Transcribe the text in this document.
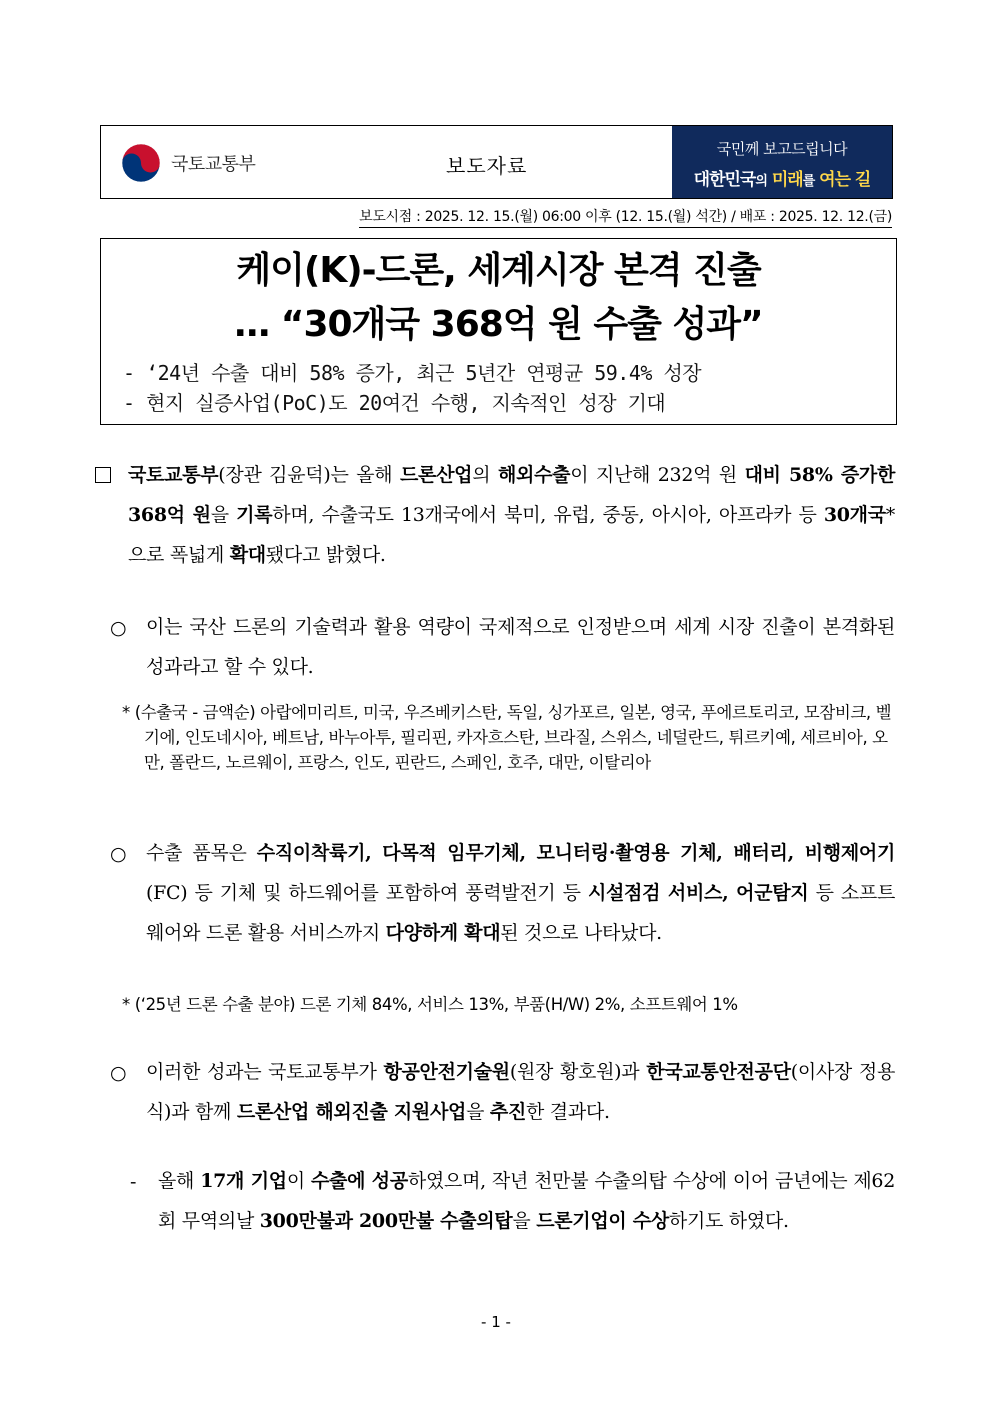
국토교통부	보도자료
국민께 보고드립니다
대한민국의 미래를 여는 길
보도시점 : 2025. 12. 15.(월) 06:00 이후 (12. 15.(월) 석간) / 배포 : 2025. 12. 12.(금)
케이(K)-드론, 세계시장 본격 진출
… “30개국 368억 원 수출 성과”
- ‘24년 수출 대비 58% 증가, 최근 5년간 연평균 59.4% 성장
- 현지 실증사업(PoC)도 20여건 수행, 지속적인 성장 기대
국토교통부(장관 김윤덕)는 올해 드론산업의 해외수출이 지난해 232억 원 대비 58% 증가한 368억 원을 기록하며, 수출국도 13개국에서 북미, 유럽, 중동, 아시아, 아프라카 등 30개국*으로 폭넓게 확대됐다고 밝혔다.
○ 이는 국산 드론의 기술력과 활용 역량이 국제적으로 인정받으며 세계 시장 진출이 본격화된 성과라고 할 수 있다.
* (수출국 - 금액순) 아랍에미리트, 미국, 우즈베키스탄, 독일, 싱가포르, 일본, 영국, 푸에르토리코, 모잠비크, 벨기에, 인도네시아, 베트남, 바누아투, 필리핀, 카자흐스탄, 브라질, 스위스, 네덜란드, 튀르키예, 세르비아, 오만, 폴란드, 노르웨이, 프랑스, 인도, 핀란드, 스페인, 호주, 대만, 이탈리아
○ 수출 품목은 수직이착륙기, 다목적 임무기체, 모니터링·촬영용 기체, 배터리, 비행제어기(FC) 등 기체 및 하드웨어를 포함하여 풍력발전기 등 시설점검 서비스, 어군탐지 등 소프트웨어와 드론 활용 서비스까지 다양하게 확대된 것으로 나타났다.
* (‘25년 드론 수출 분야) 드론 기체 84%, 서비스 13%, 부품(H/W) 2%, 소프트웨어 1%
○ 이러한 성과는 국토교통부가 항공안전기술원(원장 황호원)과 한국교통안전공단(이사장 정용식)과 함께 드론산업 해외진출 지원사업을 추진한 결과다.
- 올해 17개 기업이 수출에 성공하였으며, 작년 천만불 수출의탑 수상에 이어 금년에는 제62회 무역의날 300만불과 200만불 수출의탑을 드론기업이 수상하기도 하였다.
- 1 -
